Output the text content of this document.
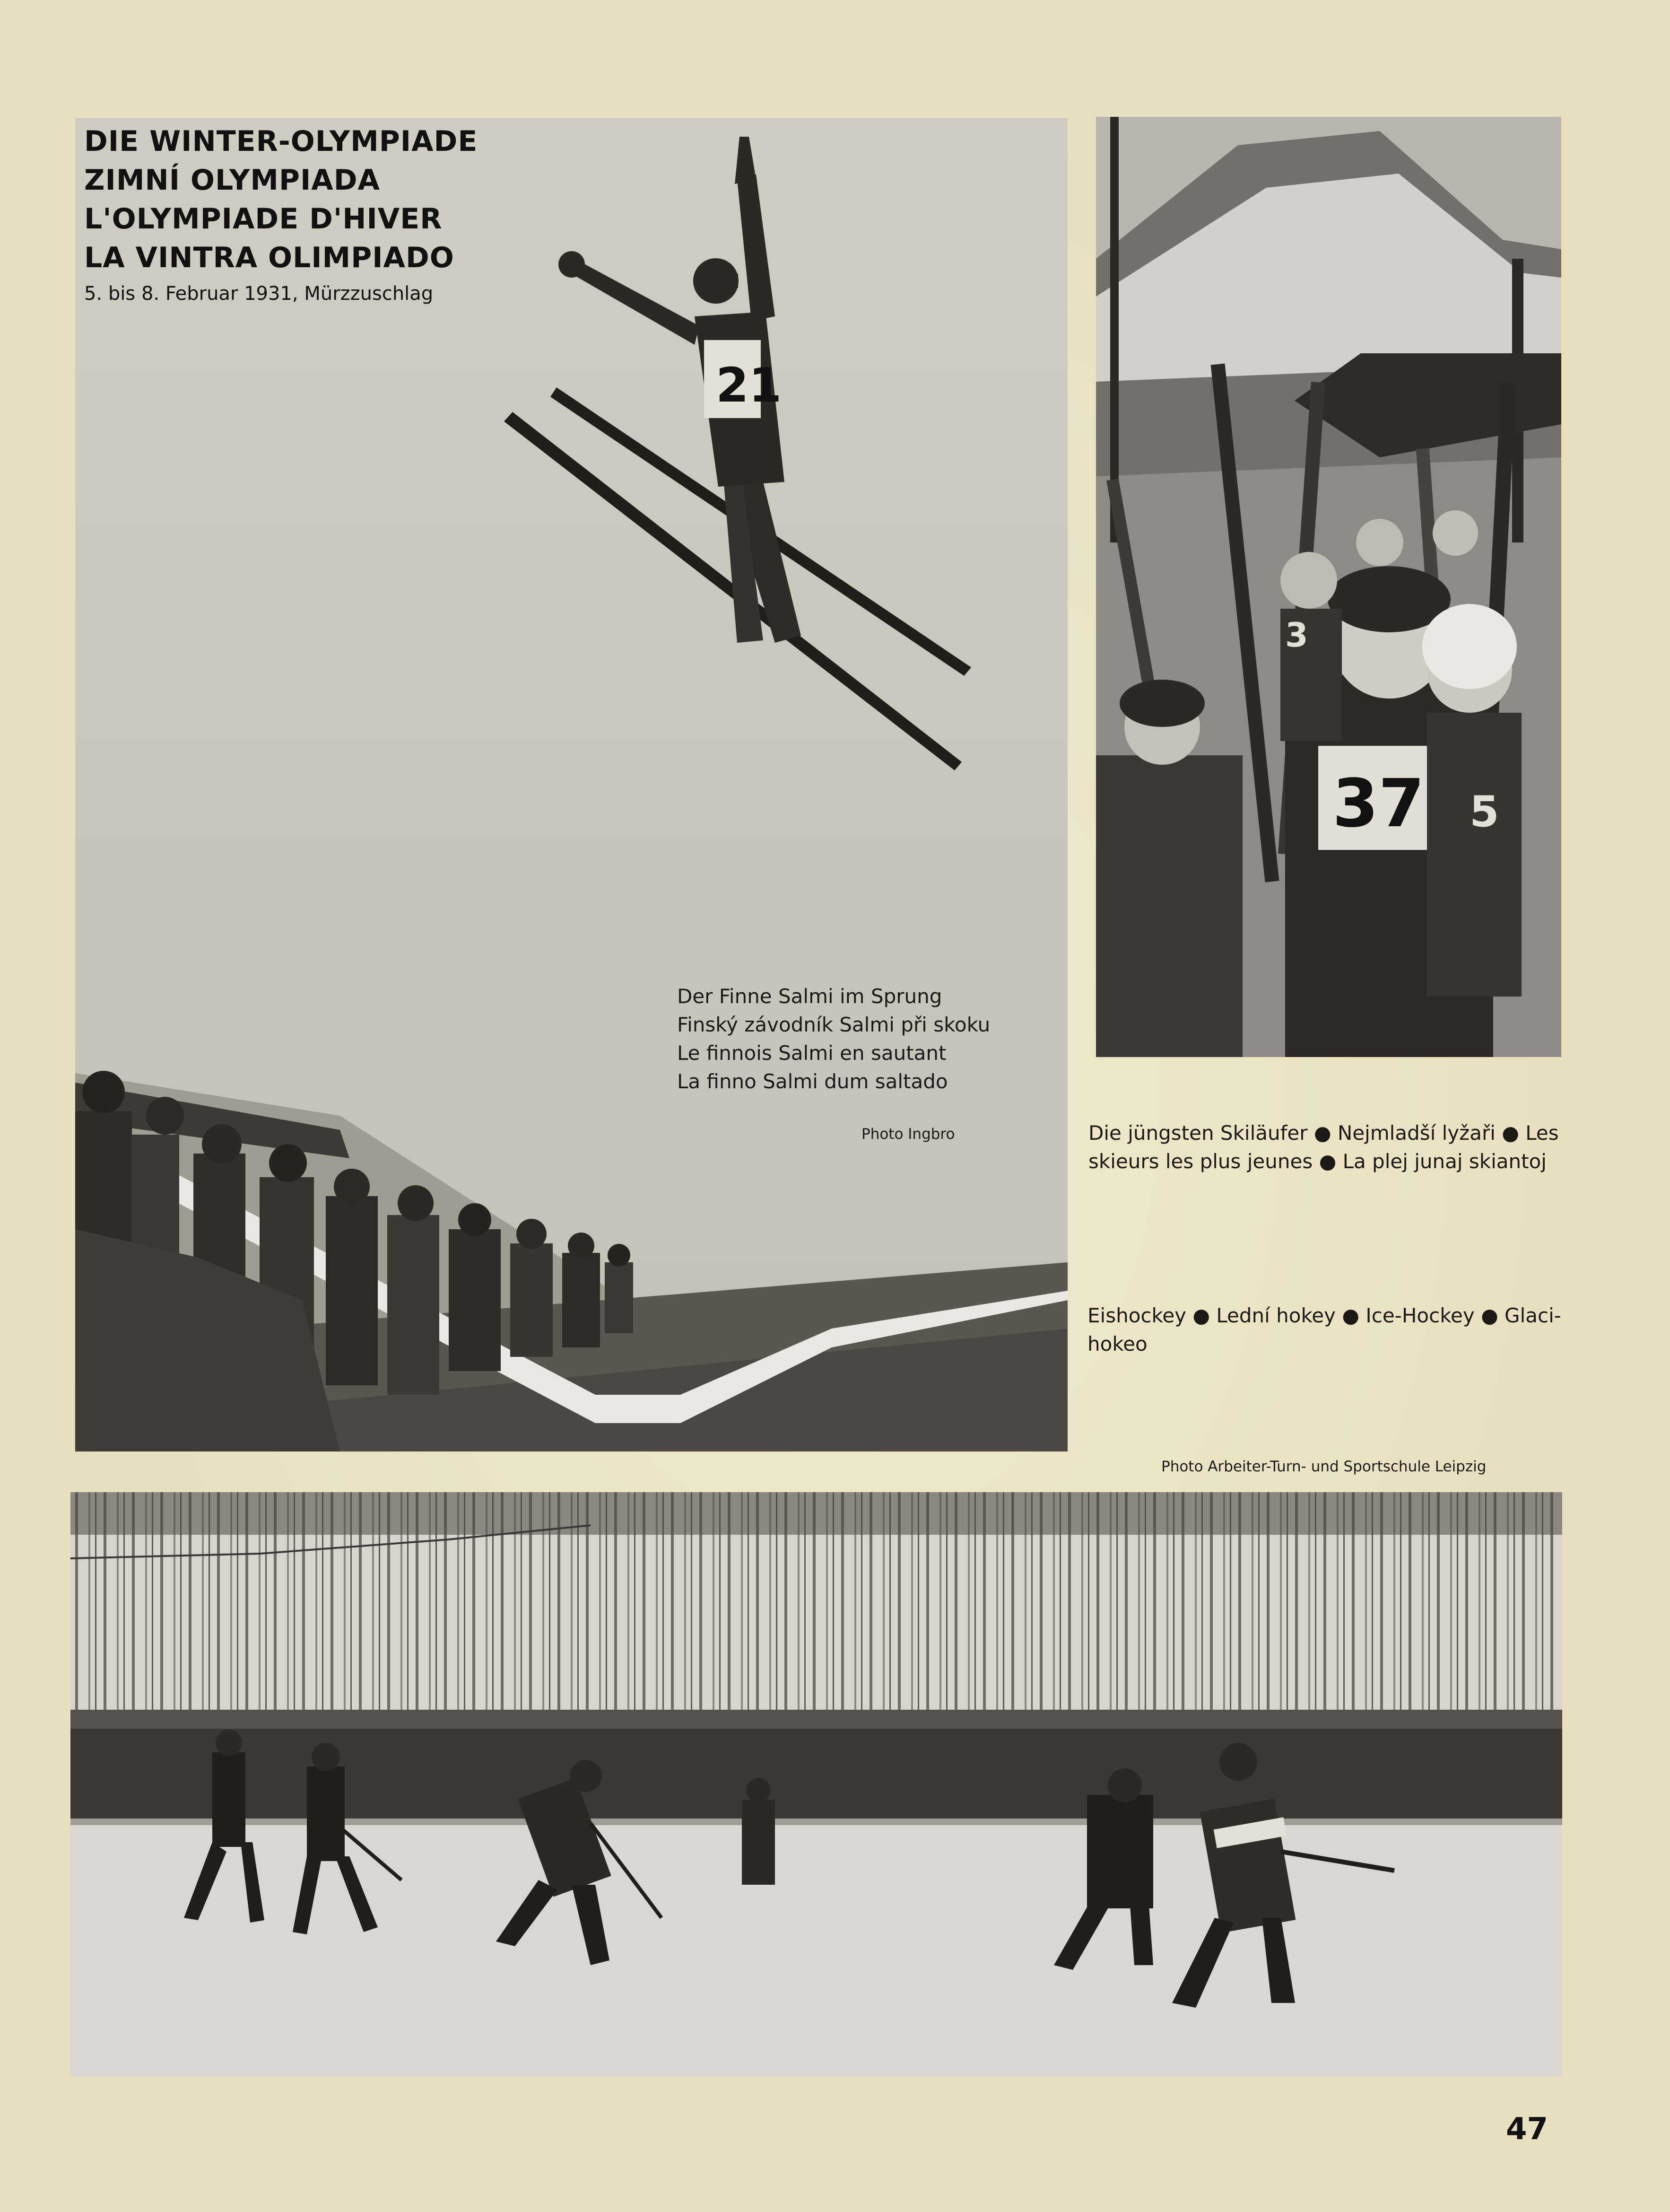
21
DIE WINTER-OLYMPIADE
ZIMNÍ OLYMPIADA
L'OLYMPIADE D'HIVER
LA VINTRA OLIMPIADO
5. bis 8. Februar 1931, Mürzzuschlag
Der Finne Salmi im Sprung
Finský závodník Salmi při skoku
Le finnois Salmi en sautant
La finno Salmi dum saltado
Photo Ingbro
37
3
5
Die jüngsten Skiläufer ● Nejmladší lyžaři ● Les skieurs les plus jeunes ● La plej junaj skiantoj
Eishockey ● Lední hokey ● Ice-Hockey ● Glaci-hokeo
Photo Arbeiter-Turn- und Sportschule Leipzig
47
